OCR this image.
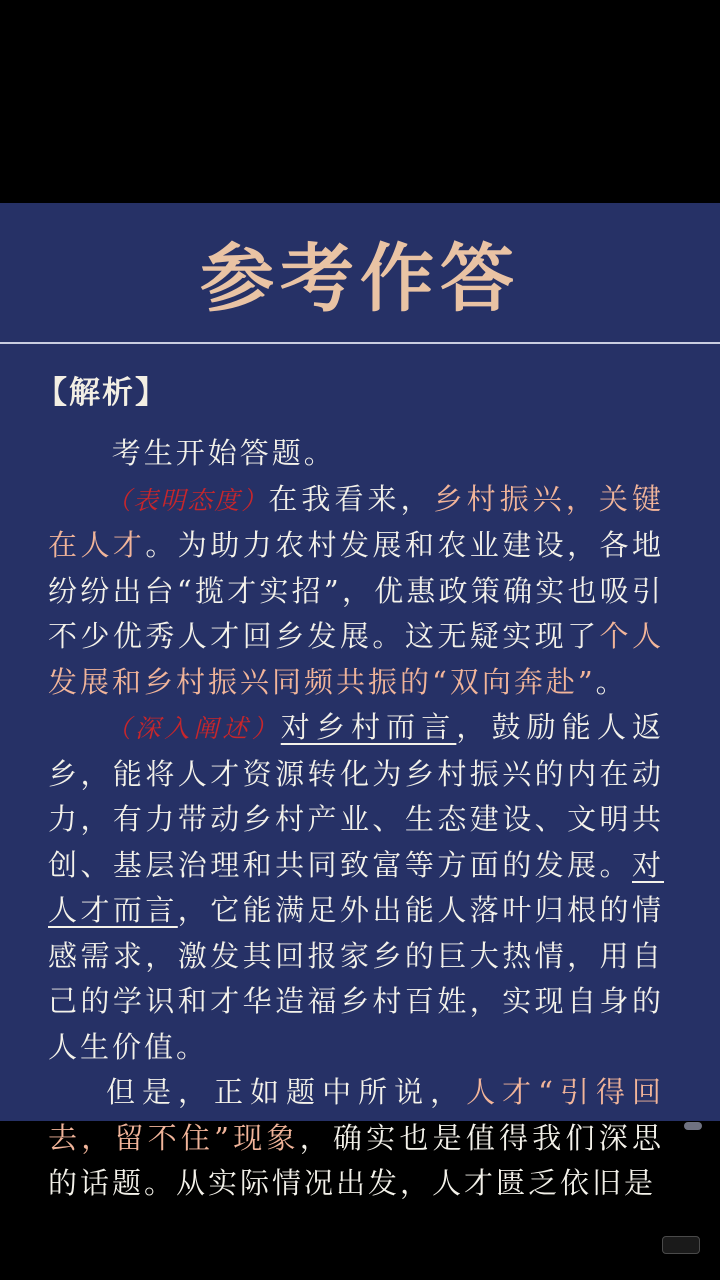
参考作答
【解析】

考生开始答题。

（表明态度）在我看来，乡村振兴，关键在人才。为助力农村发展和农业建设，各地纷纷出台“揽才实招”，优惠政策确实也吸引不少优秀人才回乡发展。这无疑实现了个人发展和乡村振兴同频共振的“双向奔赴”。

（深入阐述）对乡村而言，鼓励能人返乡，能将人才资源转化为乡村振兴的内在动力，有力带动乡村产业、生态建设、文明共创、基层治理和共同致富等方面的发展。对人才而言，它能满足外出能人落叶归根的情感需求，激发其回报家乡的巨大热情，用自己的学识和才华造福乡村百姓，实现自身的人生价值。

但是，正如题中所说，人才“引得回去，留不住”现象，确实也是值得我们深思的话题。从实际情况出发，人才匮乏依旧是
